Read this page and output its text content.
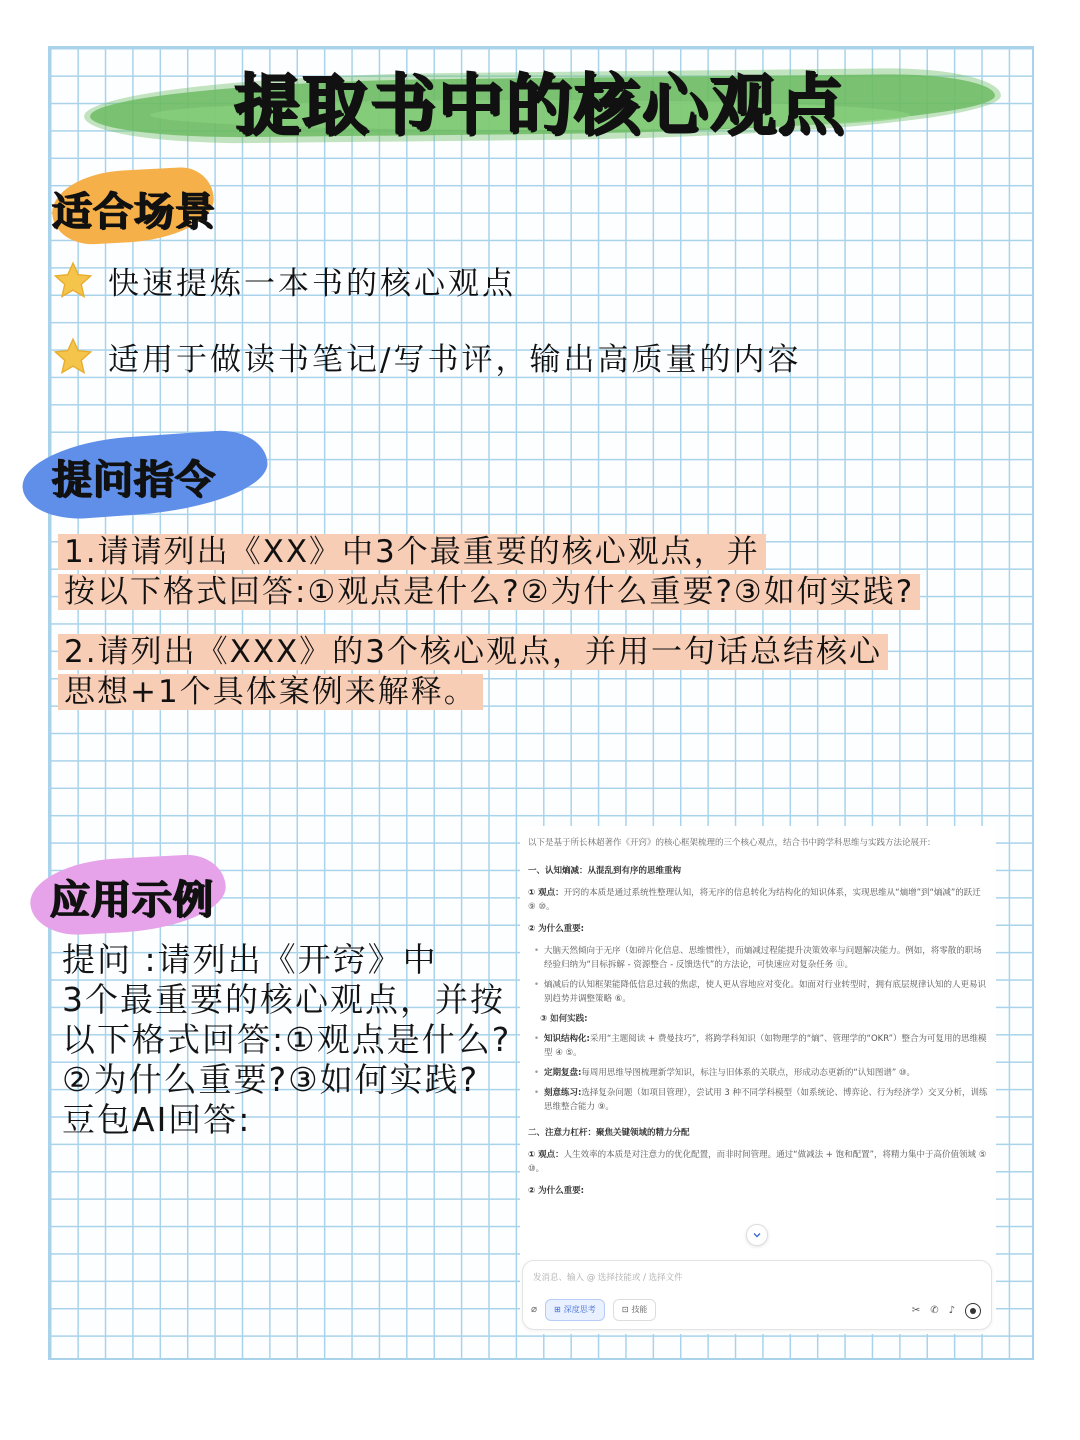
提取书中的核心观点
适合场景
快速提炼一本书的核心观点
适用于做读书笔记/写书评，输出高质量的内容
提问指令
1.请请列出《XX》中3个最重要的核心观点，并
按以下格式回答:①观点是什么?②为什么重要?③如何实践?
2.请列出《XXX》的3个核心观点，并用一句话总结核心
思想+1个具体案例来解释。
应用示例
提问 :请列出《开窍》中
3个最重要的核心观点，并按
以下格式回答:①观点是什么?
②为什么重要?③如何实践?
豆包AI回答:
以下是基于所长林超著作《开窍》的核心框架梳理的三个核心观点，结合书中跨学科思维与实践方法论展开:
一、认知熵减：从混乱到有序的思维重构

① 观点：开窍的本质是通过系统性整理认知，将无序的信息转化为结构化的知识体系，实现思维从“熵增”到“熵减”的跃迁 ⑨ ⑩。

② 为什么重要:
• 大脑天然倾向于无序（如碎片化信息、思维惯性），而熵减过程能提升决策效率与问题解决能力。例如，将零散的职场经验归纳为“目标拆解 - 资源整合 - 反馈迭代”的方法论，可快速应对复杂任务 ⑪。
• 熵减后的认知框架能降低信息过载的焦虑，使人更从容地应对变化。如面对行业转型时，拥有底层规律认知的人更易识别趋势并调整策略 ⑥。
③ 如何实践:
• 知识结构化:采用“主题阅读 + 费曼技巧”，将跨学科知识（如物理学的“熵”、管理学的“OKR”）整合为可复用的思维模型 ④ ⑤。
• 定期复盘:每周用思维导图梳理新学知识，标注与旧体系的关联点，形成动态更新的“认知图谱” ⑩。
• 刻意练习:选择复杂问题（如项目管理），尝试用 3 种不同学科模型（如系统论、博弈论、行为经济学）交叉分析，训练思维整合能力 ⑨。
二、注意力杠杆：聚焦关键领域的精力分配

① 观点：人生效率的本质是对注意力的优化配置，而非时间管理。通过“做减法 + 饱和配置”，将精力集中于高价值领域 ⑤ ⑩。

② 为什么重要:
发消息、输入 @ 选择技能或 / 选择文件
⌀ ⊞ 深度思考	⊡ 技能	✂ ✆ ♪
